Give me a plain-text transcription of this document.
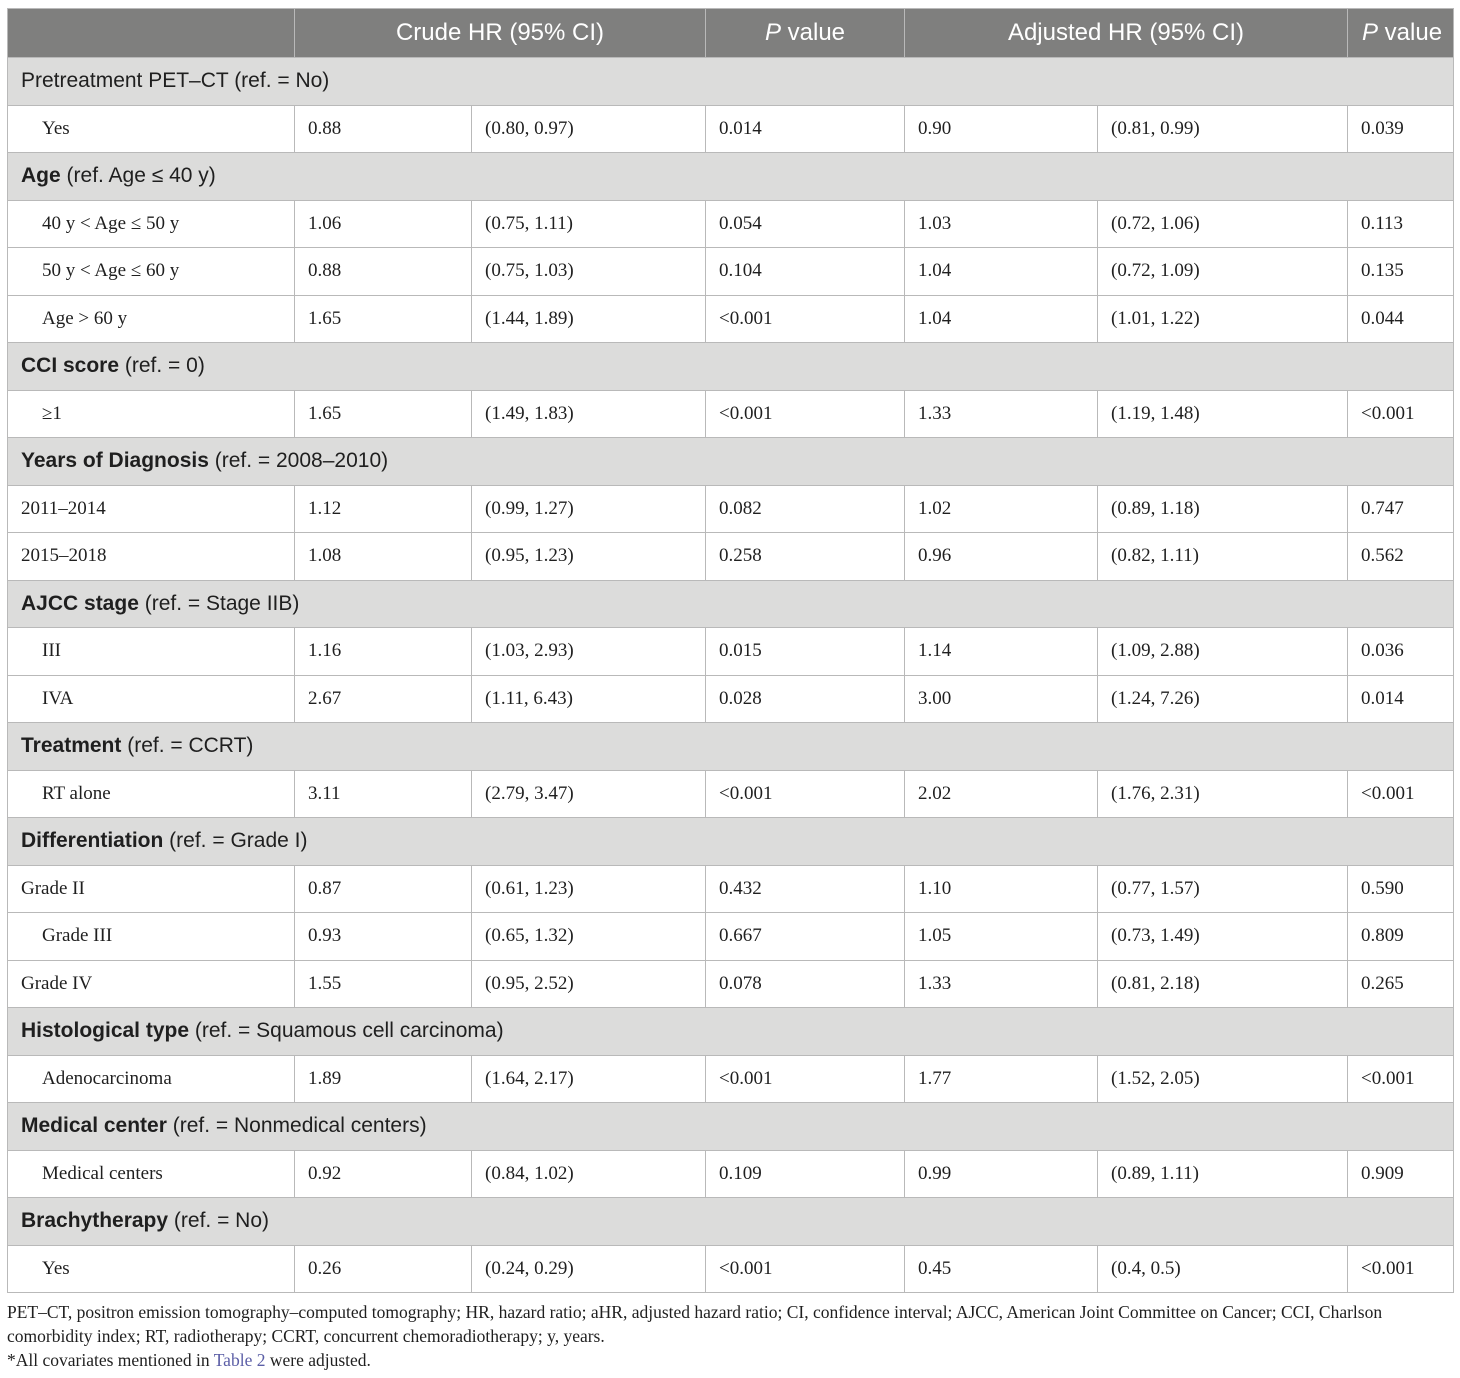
	Crude HR (95% CI)		P value	Adjusted HR (95% CI)		P value
Pretreatment PET–CT (ref. = No)						
Yes	0.88	(0.80, 0.97)	0.014	0.90	(0.81, 0.99)	0.039
Age (ref. Age ≤ 40 y)						
40 y < Age ≤ 50 y	1.06	(0.75, 1.11)	0.054	1.03	(0.72, 1.06)	0.113
50 y < Age ≤ 60 y	0.88	(0.75, 1.03)	0.104	1.04	(0.72, 1.09)	0.135
Age > 60 y	1.65	(1.44, 1.89)	<0.001	1.04	(1.01, 1.22)	0.044
CCI score (ref. = 0)						
≥1	1.65	(1.49, 1.83)	<0.001	1.33	(1.19, 1.48)	<0.001
Years of Diagnosis (ref. = 2008–2010)						
2011–2014	1.12	(0.99, 1.27)	0.082	1.02	(0.89, 1.18)	0.747
2015–2018	1.08	(0.95, 1.23)	0.258	0.96	(0.82, 1.11)	0.562
AJCC stage (ref. = Stage IIB)						
III	1.16	(1.03, 2.93)	0.015	1.14	(1.09, 2.88)	0.036
IVA	2.67	(1.11, 6.43)	0.028	3.00	(1.24, 7.26)	0.014
Treatment (ref. = CCRT)						
RT alone	3.11	(2.79, 3.47)	<0.001	2.02	(1.76, 2.31)	<0.001
Differentiation (ref. = Grade I)						
Grade II	0.87	(0.61, 1.23)	0.432	1.10	(0.77, 1.57)	0.590
Grade III	0.93	(0.65, 1.32)	0.667	1.05	(0.73, 1.49)	0.809
Grade IV	1.55	(0.95, 2.52)	0.078	1.33	(0.81, 2.18)	0.265
Histological type (ref. = Squamous cell carcinoma)						
Adenocarcinoma	1.89	(1.64, 2.17)	<0.001	1.77	(1.52, 2.05)	<0.001
Medical center (ref. = Nonmedical centers)						
Medical centers	0.92	(0.84, 1.02)	0.109	0.99	(0.89, 1.11)	0.909
Brachytherapy (ref. = No)						
Yes	0.26	(0.24, 0.29)	<0.001	0.45	(0.4, 0.5)	<0.001

PET–CT, positron emission tomography–computed tomography; HR, hazard ratio; aHR, adjusted hazard ratio; CI, confidence interval; AJCC, American Joint Committee on Cancer; CCI, Charlson comorbidity index; RT, radiotherapy; CCRT, concurrent chemoradiotherapy; y, years.

*All covariates mentioned in Table 2 were adjusted.
